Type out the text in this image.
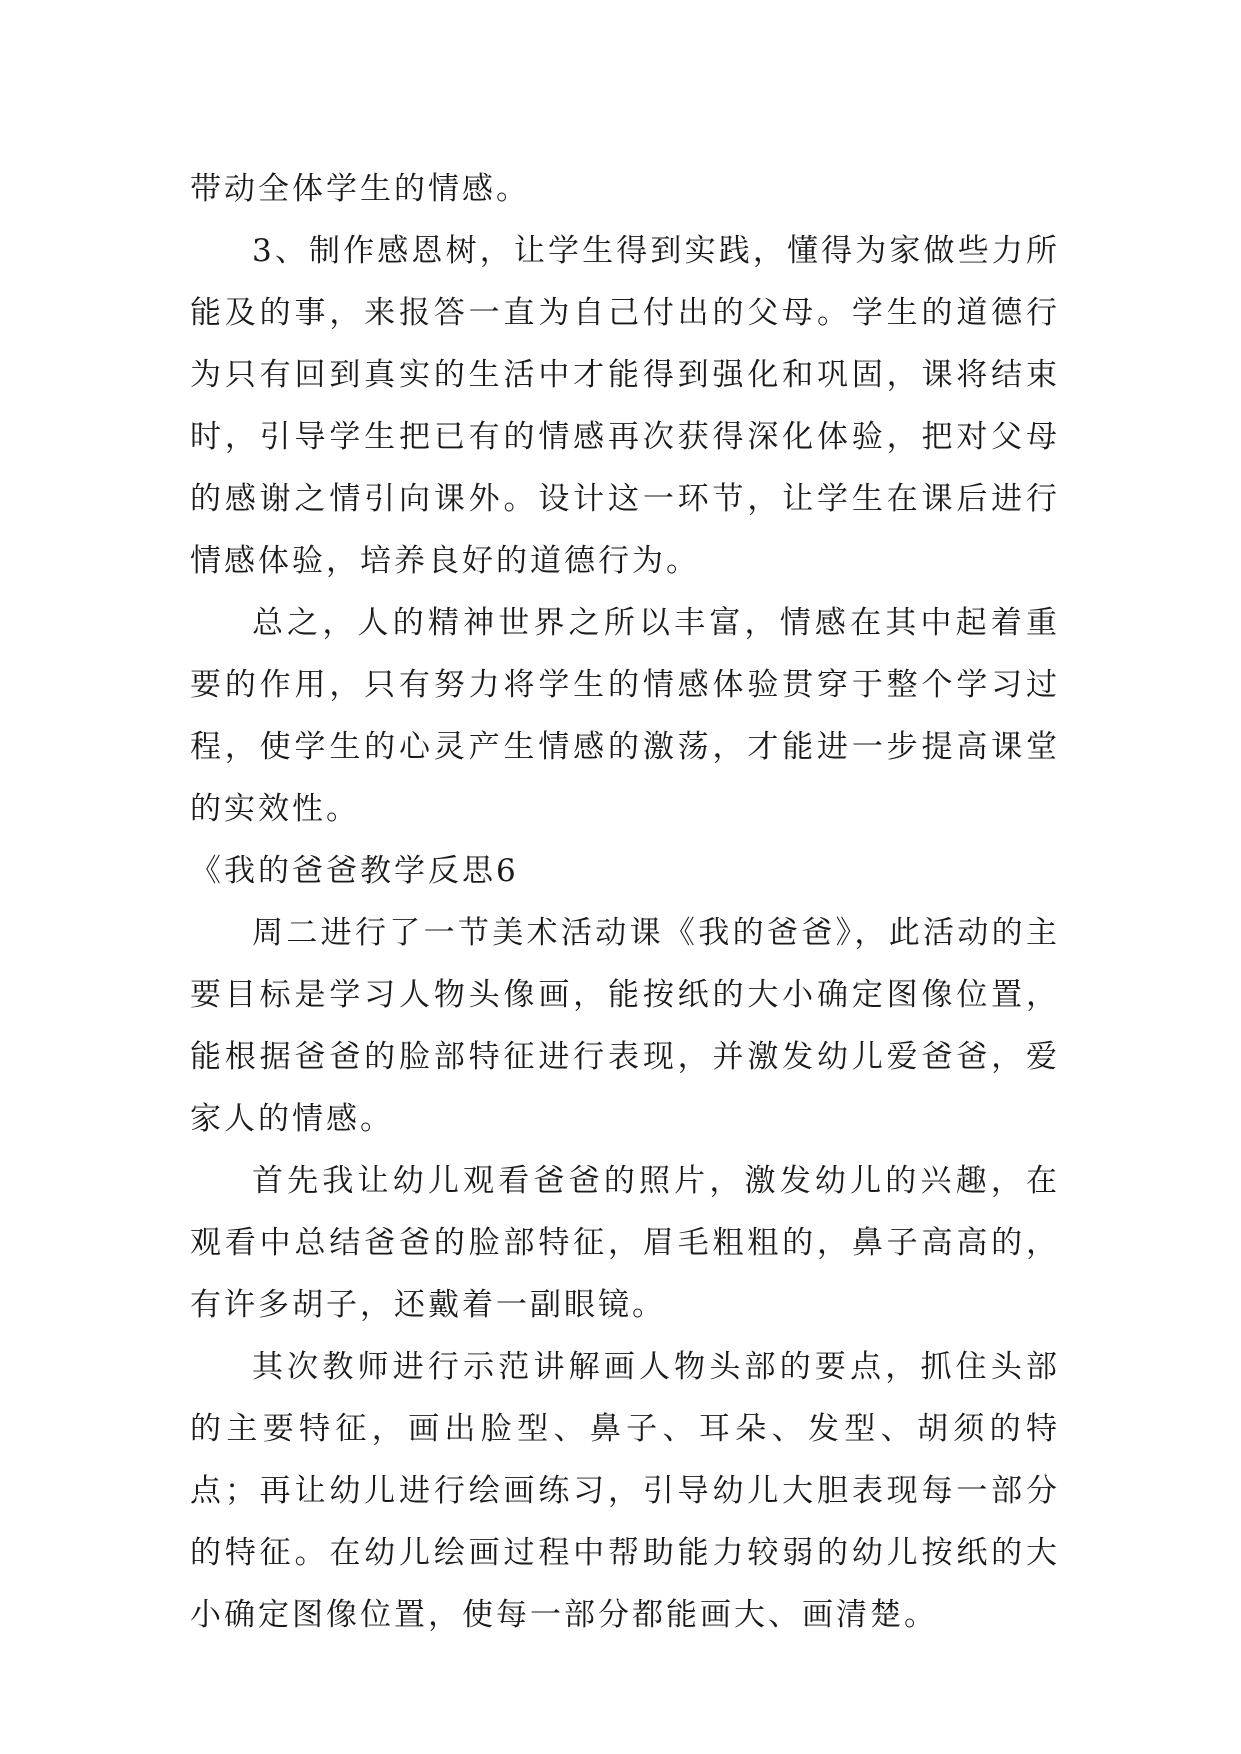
带动全体学生的情感。

3、制作感恩树，让学生得到实践，懂得为家做些力所能及的事，来报答一直为自己付出的父母。学生的道德行为只有回到真实的生活中才能得到强化和巩固，课将结束时，引导学生把已有的情感再次获得深化体验，把对父母的感谢之情引向课外。设计这一环节，让学生在课后进行情感体验，培养良好的道德行为。

总之，人的精神世界之所以丰富，情感在其中起着重要的作用，只有努力将学生的情感体验贯穿于整个学习过程，使学生的心灵产生情感的激荡，才能进一步提高课堂的实效性。

《我的爸爸教学反思6

周二进行了一节美术活动课《我的爸爸》，此活动的主要目标是学习人物头像画，能按纸的大小确定图像位置，能根据爸爸的脸部特征进行表现，并激发幼儿爱爸爸，爱家人的情感。

首先我让幼儿观看爸爸的照片，激发幼儿的兴趣，在观看中总结爸爸的脸部特征，眉毛粗粗的，鼻子高高的，有许多胡子，还戴着一副眼镜。

其次教师进行示范讲解画人物头部的要点，抓住头部的主要特征，画出脸型、鼻子、耳朵、发型、胡须的特点；再让幼儿进行绘画练习，引导幼儿大胆表现每一部分的特征。在幼儿绘画过程中帮助能力较弱的幼儿按纸的大小确定图像位置，使每一部分都能画大、画清楚。
